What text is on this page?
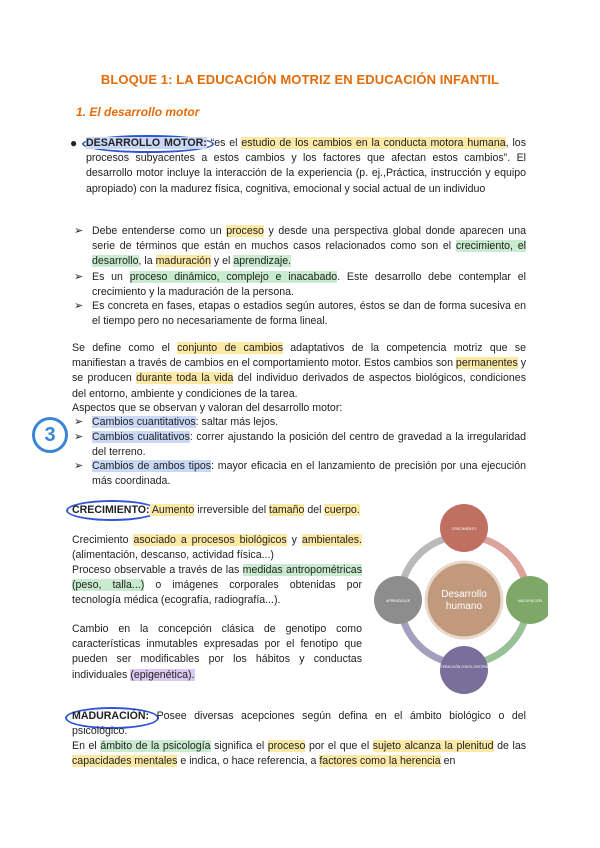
BLOQUE 1: LA EDUCACIÓN MOTRIZ EN EDUCACIÓN INFANTIL
1. El desarrollo motor
● DESARROLLO MOTOR: “es el estudio de los cambios en la conducta motora humana, los procesos subyacentes a estos cambios y los factores que afectan estos cambios”. El desarrollo motor incluye la interacción de la experiencia (p. ej.,Práctica, instrucción y equipo apropiado) con la madurez física, cognitiva, emocional y social actual de un individuo
➢ Debe entenderse como un proceso y desde una perspectiva global donde aparecen una serie de términos que están en muchos casos relacionados como son el crecimiento, el desarrollo, la maduración y el aprendizaje.
➢ Es un proceso dinámico, complejo e inacabado. Este desarrollo debe contemplar el crecimiento y la maduración de la persona.
➢ Es concreta en fases, etapas o estadios según autores, éstos se dan de forma sucesiva en el tiempo pero no necesariamente de forma lineal.
Se define como el conjunto de cambios adaptativos de la competencia motriz que se manifiestan a través de cambios en el comportamiento motor. Estos cambios son permanentes y se producen durante toda la vida del individuo derivados de aspectos biológicos, condiciones del entorno, ambiente y condiciones de la tarea.
Aspectos que se observan y valoran del desarrollo motor:
3
➢ Cambios cuantitativos: saltar más lejos.
➢ Cambios cualitativos: correr ajustando la posición del centro de gravedad a la irregularidad del terreno.
➢ Cambios de ambos tipos: mayor eficacia en el lanzamiento de precisión por una ejecución más coordinada.
CRECIMIENTO: Aumento irreversible del tamaño del cuerpo.
Crecimiento asociado a procesos biológicos y ambientales. (alimentación, descanso, actividad física...)
Proceso observable a través de las medidas antropométricas (peso, talla...) o imágenes corporales obtenidas por tecnología médica (ecografía, radiografía...).
Cambio en la concepción clásica de genotipo como características inmutables expresadas por el fenotipo que pueden ser modificables por los hábitos y conductas individuales (epigenética).
Desarrollo
humano
CRECIMIENTO
MADURACIÓN
INTERACCIÓN CON EL ENTORNO
APRENDIZAJE
MADURACIÓN: Posee diversas acepciones según defina en el ámbito biológico o del psicológico.
En el ámbito de la psicología significa el proceso por el que el sujeto alcanza la plenitud de las capacidades mentales e indica, o hace referencia, a factores como la herencia en
